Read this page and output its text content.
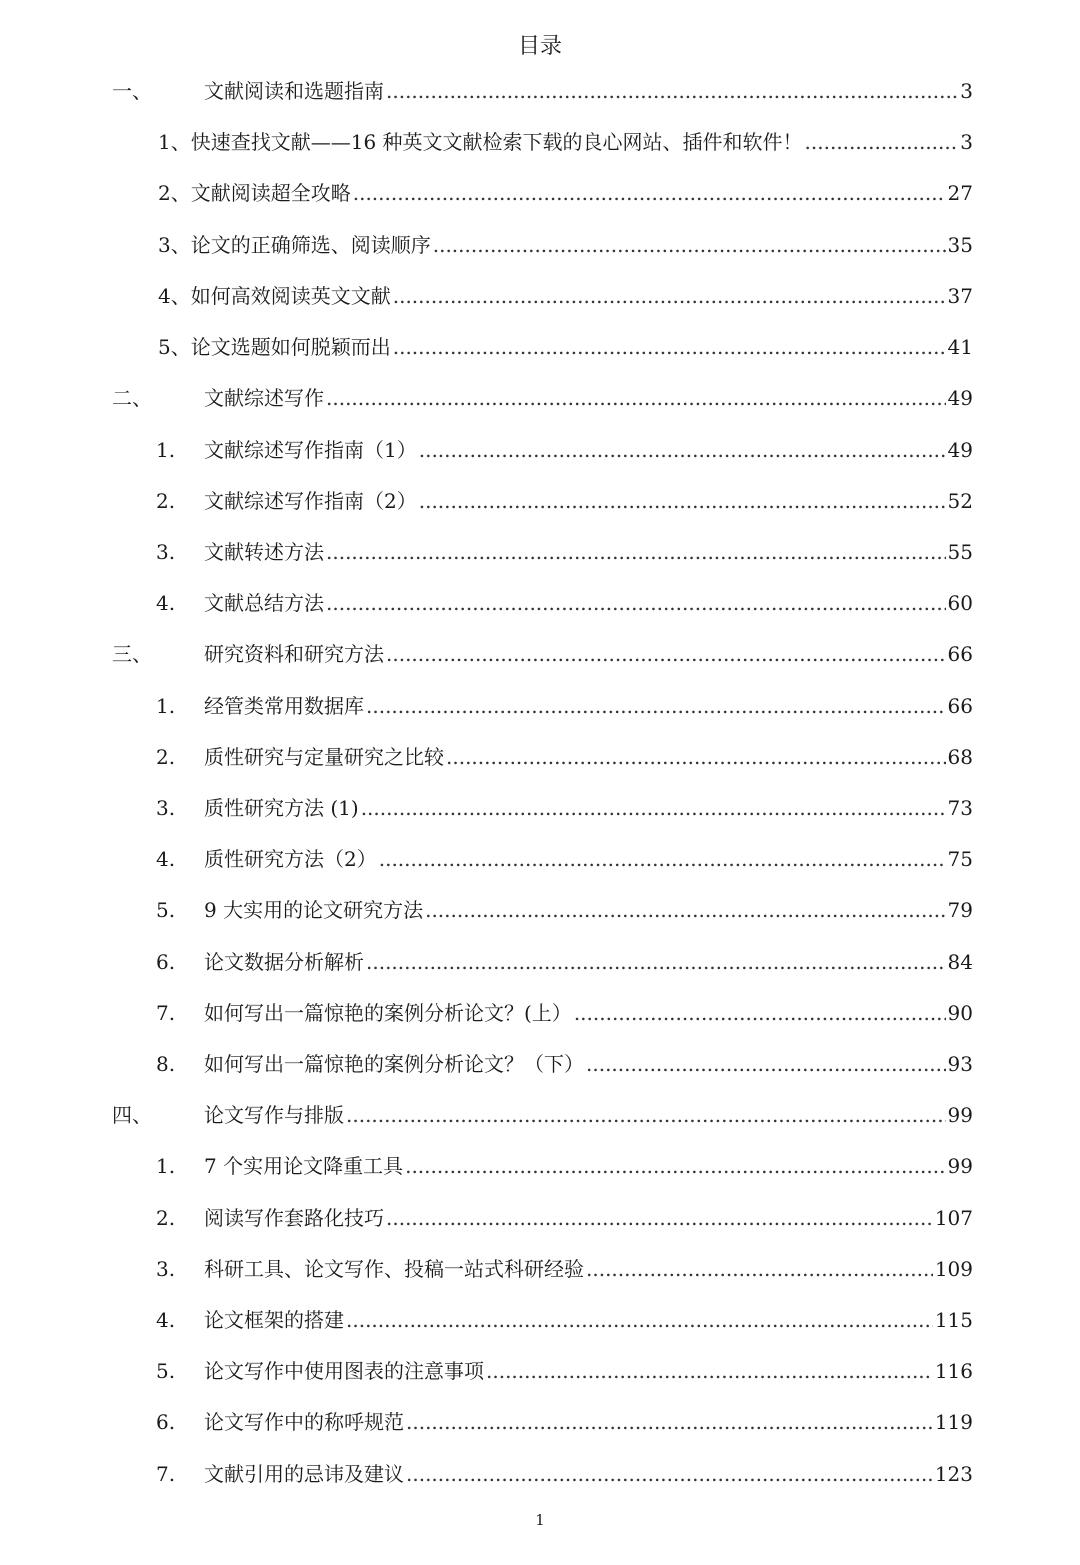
目录
一、	文献阅读和选题指南 .....	3
1、快速查找文献——16 种英文文献检索下载的良心网站、插件和软件！ .....	3
2、文献阅读超全攻略 .....	27
3、论文的正确筛选、阅读顺序 .....	35
4、如何高效阅读英文文献 .....	37
5、论文选题如何脱颖而出 .....	41
二、	文献综述写作 .....	49
1. 文献综述写作指南（1） .....	49
2. 文献综述写作指南（2） .....	52
3. 文献转述方法 .....	55
4. 文献总结方法 .....	60
三、	研究资料和研究方法 .....	66
1. 经管类常用数据库 .....	66
2. 质性研究与定量研究之比较 .....	68
3. 质性研究方法 (1) .....	73
4. 质性研究方法（2） .....	75
5. 9 大实用的论文研究方法 .....	79
6. 论文数据分析解析 .....	84
7. 如何写出一篇惊艳的案例分析论文？(上） .....	90
8. 如何写出一篇惊艳的案例分析论文？（下） .....	93
四、	论文写作与排版 .....	99
1. 7 个实用论文降重工具 .....	99
2. 阅读写作套路化技巧 .....	107
3. 科研工具、论文写作、投稿一站式科研经验 .....	109
4. 论文框架的搭建 .....	115
5. 论文写作中使用图表的注意事项 .....	116
6. 论文写作中的称呼规范 .....	119
7. 文献引用的忌讳及建议 .....	123
1
